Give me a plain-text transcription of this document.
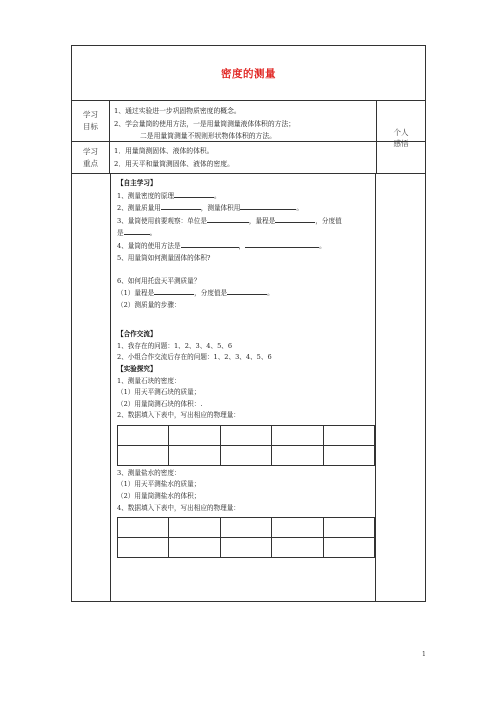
密度的测量
学习
目标
1、通过实验进一步巩固物质密度的概念。
2、学会量筒的使用方法，一是用量筒测量液体体积的方法；
二是用量筒测量不规则形状物体体积的方法。
学习
重点
1．用量筒测固体、液体的体积。
2．用天平和量筒测固体、液体的密度。
个人
感悟
【自主学习】
1、测量密度的原理	。
2、测量质量用	，测量体积用	。
3、量筒使用前要观察：单位是	，量程是	，分度值
是	。
4、量筒的使用方法是	，	。
5、用量筒如何测量固体的体积?
6、如何用托盘天平测质量？
（1）量程是	，分度值是	。
（2）测质量的步骤：
【合作交流】
1、我存在的问题：1、2、3、4、5、6
2、小组合作交流后存在的问题：1、2、3、4、5、6
【实验探究】
1、测量石块的密度：
（1）用天平测石块的质量；
（2）用量筒测石块的体积：.
2、数据填入下表中，写出相应的物理量：

3、测量盐水的密度：
（1）用天平测盐水的质量；
（2）用量筒测盐水的体积；
4、数据填入下表中，写出相应的物理量：

1
